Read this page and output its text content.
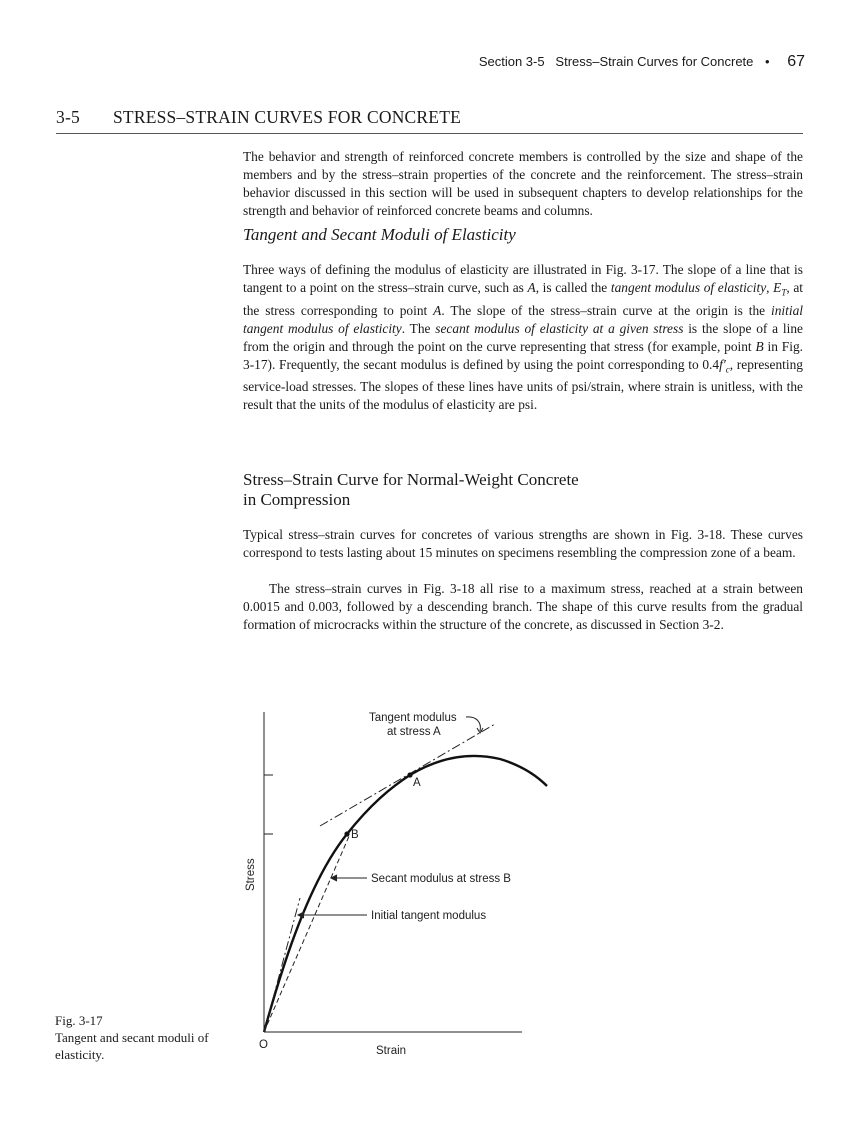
Section 3-5 Stress–Strain Curves for Concrete • 67
3-5 STRESS–STRAIN CURVES FOR CONCRETE
The behavior and strength of reinforced concrete members is controlled by the size and shape of the members and by the stress–strain properties of the concrete and the reinforcement. The stress–strain behavior discussed in this section will be used in subsequent chapters to develop relationships for the strength and behavior of reinforced concrete beams and columns.
Tangent and Secant Moduli of Elasticity
Three ways of defining the modulus of elasticity are illustrated in Fig. 3-17. The slope of a line that is tangent to a point on the stress–strain curve, such as A, is called the tangent modulus of elasticity, $E_T$, at the stress corresponding to point A. The slope of the stress–strain curve at the origin is the initial tangent modulus of elasticity. The secant modulus of elasticity at a given stress is the slope of a line from the origin and through the point on the curve representing that stress (for example, point B in Fig. 3-17). Frequently, the secant modulus is defined by using the point corresponding to $0.4f'_c$, representing service-load stresses. The slopes of these lines have units of psi/strain, where strain is unitless, with the result that the units of the modulus of elasticity are psi.
Stress–Strain Curve for Normal-Weight Concrete
in Compression
Typical stress–strain curves for concretes of various strengths are shown in Fig. 3-18. These curves correspond to tests lasting about 15 minutes on specimens resembling the compression zone of a beam.
The stress–strain curves in Fig. 3-18 all rise to a maximum stress, reached at a strain between 0.0015 and 0.003, followed by a descending branch. The shape of this curve results from the gradual formation of microcracks within the structure of the concrete, as discussed in Section 3-2.
A
B
Tangent modulus
at stress A
Secant modulus at stress B
Initial tangent modulus
Stress
Strain
O
Fig. 3-17
Tangent and secant moduli of elasticity.
